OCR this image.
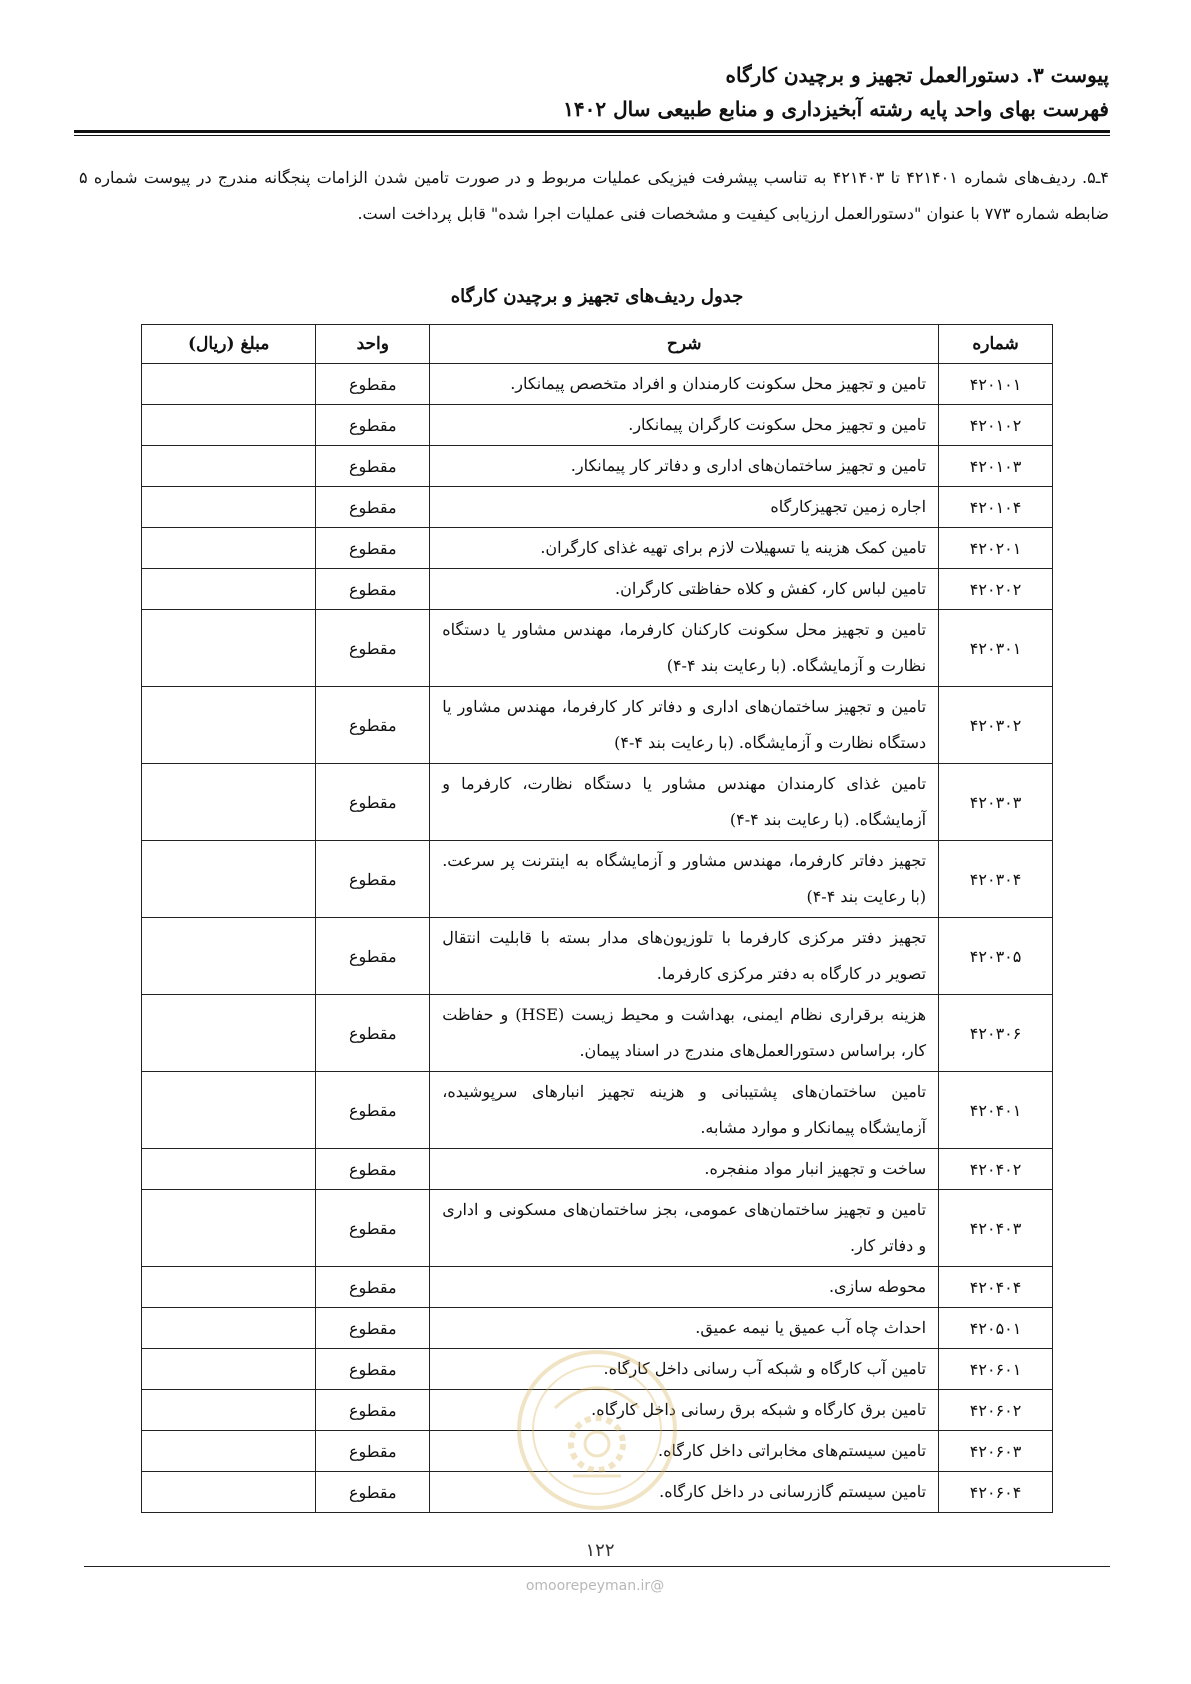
پیوست ۳. دستورالعمل تجهیز و برچیدن کارگاه
فهرست بهای واحد پایه رشته آبخیزداری و منابع طبیعی سال ۱۴۰۲

۴ـ۵. ردیف‌های شماره ۴۲۱۴۰۱ تا ۴۲۱۴۰۳ به تناسب پیشرفت فیزیکی عملیات مربوط و در صورت تامین شدن الزامات پنجگانه مندرج در پیوست شماره ۵ ضابطه شماره ۷۷۳ با عنوان "دستورالعمل ارزیابی کیفیت و مشخصات فنی عملیات اجرا شده" قابل پرداخت است.

جدول ردیف‌های تجهیز و برچیدن کارگاه
شماره	شرح	واحد	مبلغ (ریال)
۴۲۰۱۰۱	تامین و تجهیز محل سکونت کارمندان و افراد متخصص پیمانکار.	مقطوع	
۴۲۰۱۰۲	تامین و تجهیز محل سکونت کارگران پیمانکار.	مقطوع	
۴۲۰۱۰۳	تامین و تجهیز ساختمان‌های اداری و دفاتر کار پیمانکار.	مقطوع	
۴۲۰۱۰۴	اجاره زمین تجهیزکارگاه	مقطوع	
۴۲۰۲۰۱	تامین کمک هزینه یا تسهیلات لازم برای تهیه غذای کارگران.	مقطوع	
۴۲۰۲۰۲	تامین لباس کار، کفش و کلاه حفاظتی کارگران.	مقطوع	
۴۲۰۳۰۱	تامین و تجهیز محل سکونت کارکنان کارفرما، مهندس مشاور یا دستگاه نظارت و آزمایشگاه. (با رعایت بند ۴-۴)	مقطوع	
۴۲۰۳۰۲	تامین و تجهیز ساختمان‌های اداری و دفاتر کار کارفرما، مهندس مشاور یا دستگاه نظارت و آزمایشگاه. (با رعایت بند ۴-۴)	مقطوع	
۴۲۰۳۰۳	تامین غذای کارمندان مهندس مشاور یا دستگاه نظارت، کارفرما و آزمایشگاه. (با رعایت بند ۴-۴)	مقطوع	
۴۲۰۳۰۴	تجهیز دفاتر کارفرما، مهندس مشاور و آزمایشگاه به اینترنت پر سرعت. (با رعایت بند ۴-۴)	مقطوع	
۴۲۰۳۰۵	تجهیز دفتر مرکزی کارفرما با تلوزیون‌های مدار بسته با قابلیت انتقال تصویر در کارگاه به دفتر مرکزی کارفرما.	مقطوع	
۴۲۰۳۰۶	هزینه برقراری نظام ایمنی، بهداشت و محیط زیست (HSE) و حفاظت کار، براساس دستورالعمل‌های مندرج در اسناد پیمان.	مقطوع	
۴۲۰۴۰۱	تامین ساختمان‌های پشتیبانی و هزینه تجهیز انبارهای سرپوشیده، آزمایشگاه پیمانکار و موارد مشابه.	مقطوع	
۴۲۰۴۰۲	ساخت و تجهیز انبار مواد منفجره.	مقطوع	
۴۲۰۴۰۳	تامین و تجهیز ساختمان‌های عمومی، بجز ساختمان‌های مسکونی و اداری و دفاتر کار.	مقطوع	
۴۲۰۴۰۴	محوطه سازی.	مقطوع	
۴۲۰۵۰۱	احداث چاه آب عمیق یا نیمه عمیق.	مقطوع	
۴۲۰۶۰۱	تامین آب کارگاه و شبکه آب رسانی داخل کارگاه.	مقطوع	
۴۲۰۶۰۲	تامین برق کارگاه و شبکه برق رسانی داخل کارگاه.	مقطوع	
۴۲۰۶۰۳	تامین سیستم‌های مخابراتی داخل کارگاه.	مقطوع	
۴۲۰۶۰۴	تامین سیستم گازرسانی در داخل کارگاه.	مقطوع	
۱۲۲
@omoorepeyman.ir
